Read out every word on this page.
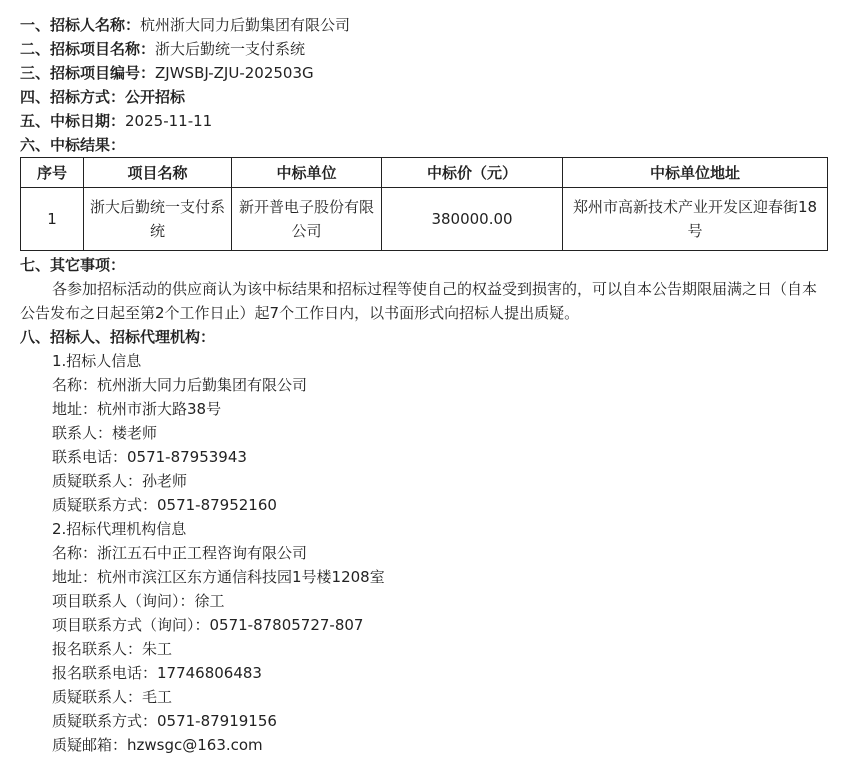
一、招标人名称：杭州浙大同力后勤集团有限公司
二、招标项目名称：浙大后勤统一支付系统
三、招标项目编号：ZJWSBJ-ZJU-202503G
四、招标方式：公开招标
五、中标日期：2025-11-11
六、中标结果：
序号	项目名称	中标单位	中标价（元）	中标单位地址
1	浙大后勤统一支付系统	新开普电子股份有限公司	380000.00	郑州市高新技术产业开发区迎春街18号
七、其它事项：
各参加招标活动的供应商认为该中标结果和招标过程等使自己的权益受到损害的，可以自本公告期限届满之日（自本公告发布之日起至第2个工作日止）起7个工作日内，以书面形式向招标人提出质疑。
八、招标人、招标代理机构：
1.招标人信息
名称：杭州浙大同力后勤集团有限公司
地址：杭州市浙大路38号
联系人：楼老师
联系电话：0571-87953943
质疑联系人：孙老师
质疑联系方式：0571-87952160
2.招标代理机构信息
名称：浙江五石中正工程咨询有限公司
地址：杭州市滨江区东方通信科技园1号楼1208室
项目联系人（询问）：徐工
项目联系方式（询问）：0571-87805727-807
报名联系人：朱工
报名联系电话：17746806483
质疑联系人：毛工
质疑联系方式：0571-87919156
质疑邮箱：hzwsgc@163.com
